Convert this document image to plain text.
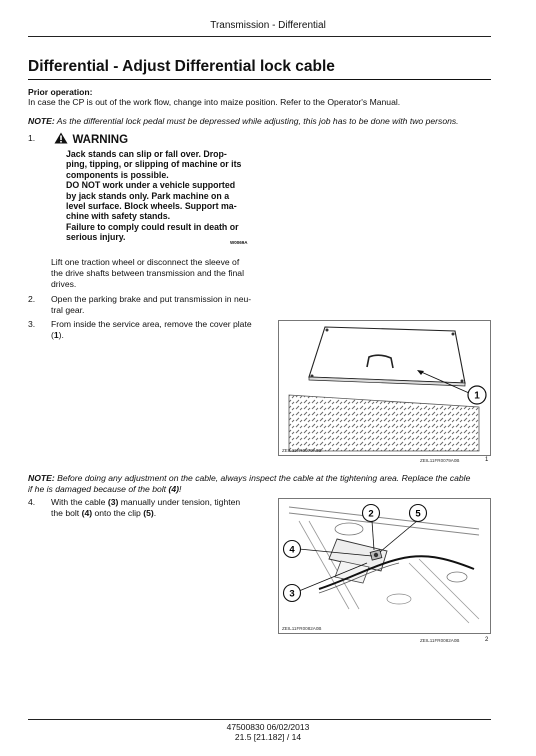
Transmission - Differential
Differential - Adjust Differential lock cable
Prior operation:
In case the CP is out of the work flow, change into maize position. Refer to the Operator's Manual.
NOTE: As the differential lock pedal must be depressed while adjusting, this job has to be done with two persons.
1.	WARNING
Jack stands can slip or fall over. Drop-
ping, tipping, or slipping of machine or its
components is possible.
DO NOT work under a vehicle supported
by jack stands only. Park machine on a
level surface. Block wheels. Support ma-
chine with safety stands.
Failure to comply could result in death or
serious injury.
W0069A
Lift one traction wheel or disconnect the sleeve of
the drive shafts between transmission and the final
drives.
2. Open the parking brake and put transmission in neu-
tral gear.
3. From inside the service area, remove the cover plate
(1).
1
ZEIL11FR0079A0B
ZEIL11FR0079A0B	1
NOTE: Before doing any adjustment on the cable, always inspect the cable at the tightening area. Replace the cable
if he is damaged because of the bolt (4)!
4. With the cable (3) manually under tension, tighten
the bolt (4) onto the clip (5).	2	5
4
3
ZEIL11FR0082A0B
ZEIL11FR0082A0B	2
47500830 06/02/2013
21.5 [21.182] / 14
